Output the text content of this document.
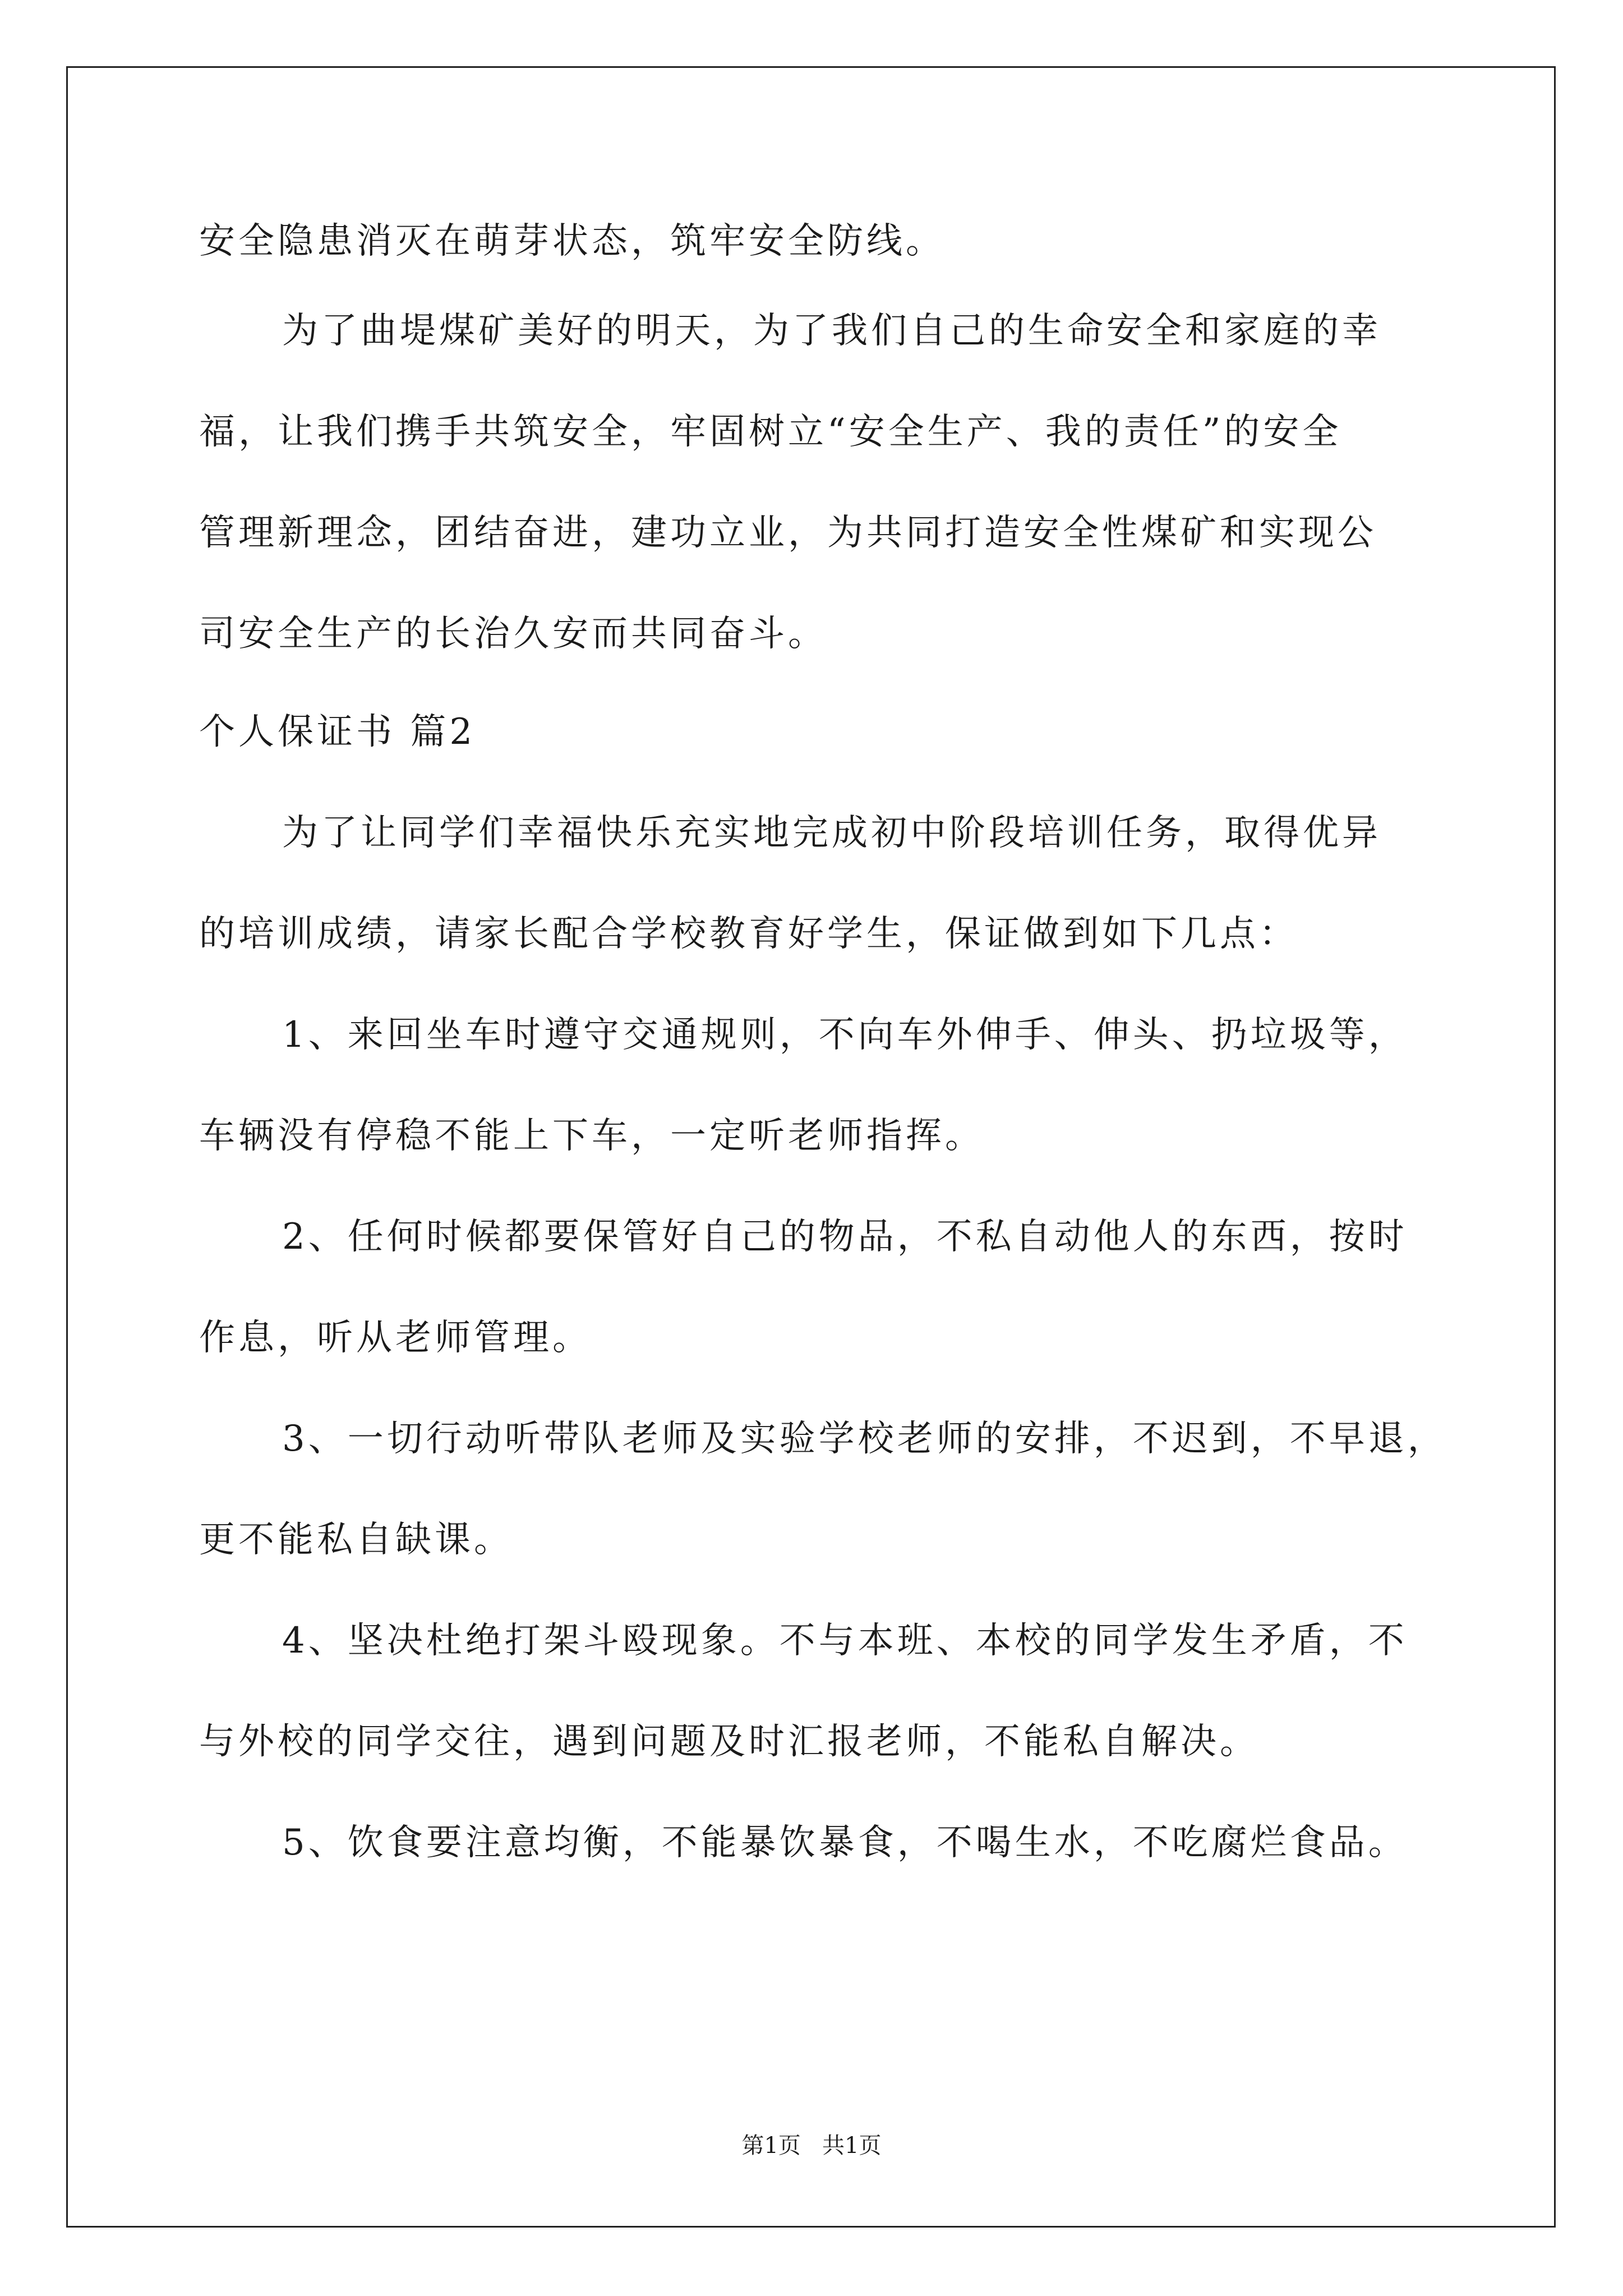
安全隐患消灭在萌芽状态，筑牢安全防线。
为了曲堤煤矿美好的明天，为了我们自己的生命安全和家庭的幸
福，让我们携手共筑安全，牢固树立“安全生产、我的责任”的安全
管理新理念，团结奋进，建功立业，为共同打造安全性煤矿和实现公
司安全生产的长治久安而共同奋斗。
个人保证书 篇2
为了让同学们幸福快乐充实地完成初中阶段培训任务，取得优异
的培训成绩，请家长配合学校教育好学生，保证做到如下几点：
1、来回坐车时遵守交通规则，不向车外伸手、伸头、扔垃圾等，
车辆没有停稳不能上下车，一定听老师指挥。
2、任何时候都要保管好自己的物品，不私自动他人的东西，按时
作息，听从老师管理。
3、一切行动听带队老师及实验学校老师的安排，不迟到，不早退，
更不能私自缺课。
4、坚决杜绝打架斗殴现象。不与本班、本校的同学发生矛盾，不
与外校的同学交往，遇到问题及时汇报老师，不能私自解决。
5、饮食要注意均衡，不能暴饮暴食，不喝生水，不吃腐烂食品。
第1页   共1页
